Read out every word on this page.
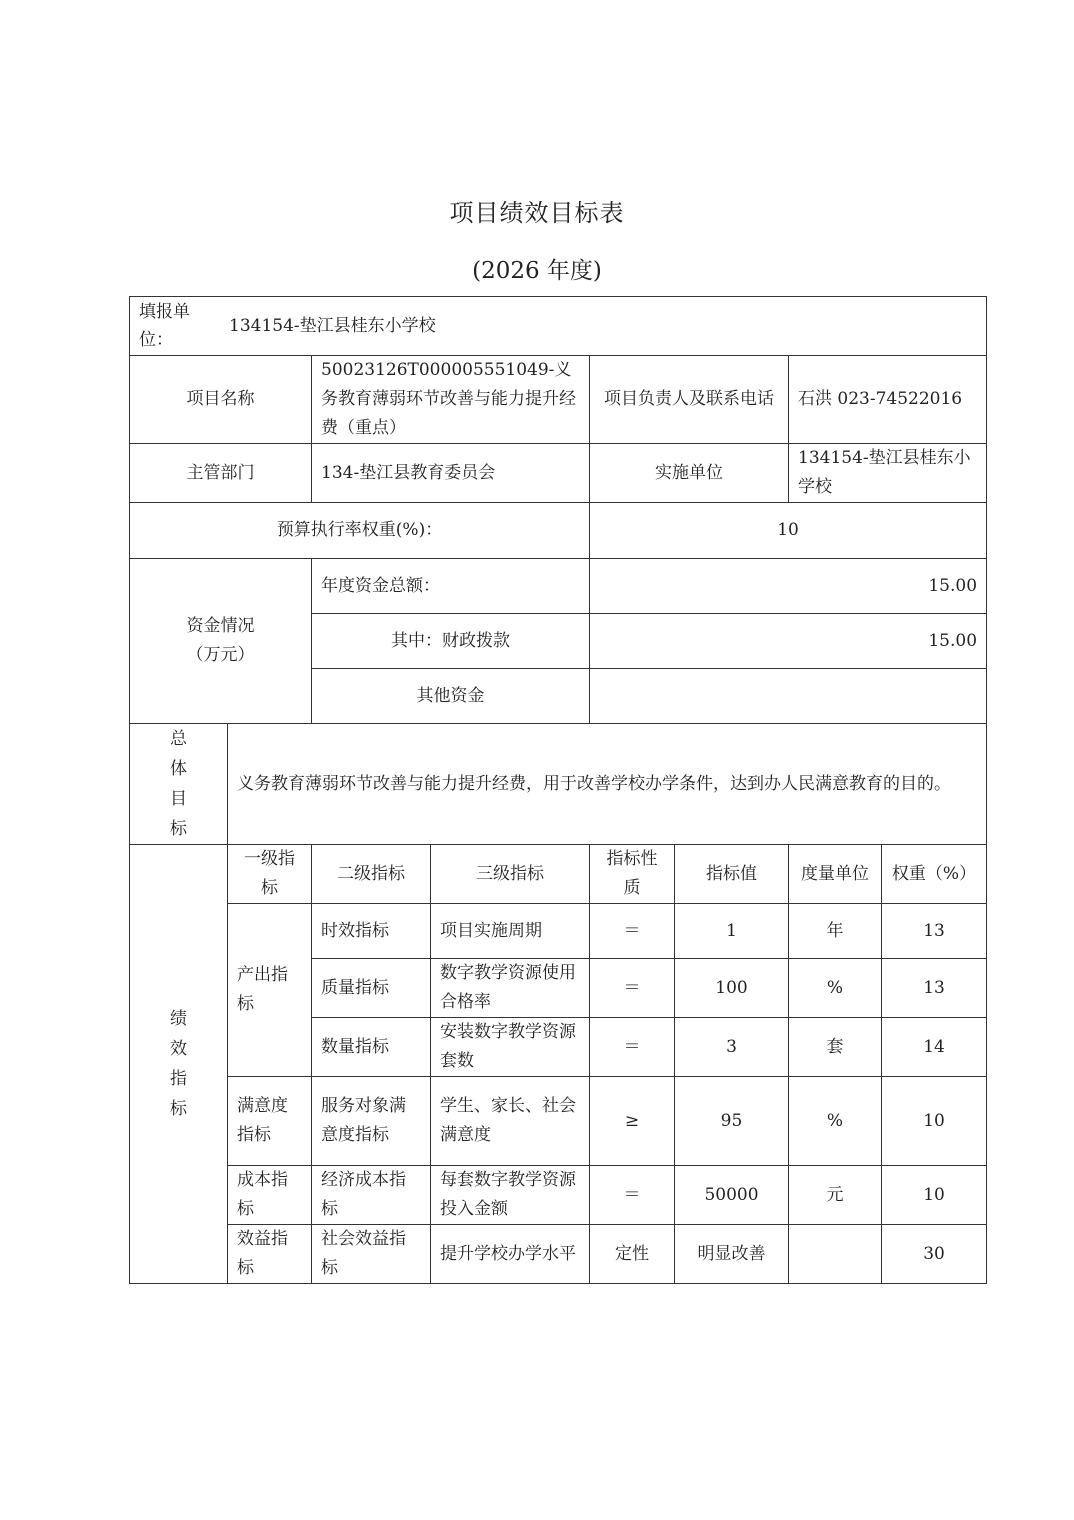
项目绩效目标表
(2026 年度)
填报单位：
134154-垫江县桂东小学校							

项目名称		50023126T000005551049-义务教育薄弱环节改善与能力提升经费（重点）		项目负责人及联系电话		石洪 023-74522016	
主管部门		134-垫江县教育委员会		实施单位		134154-垫江县桂东小学校	
预算执行率权重(%)：				10			

资金情况
（万元）		年度资金总额：		15.00			
		其中：财政拨款		15.00			
		其他资金					

总
体
目
标	义务教育薄弱环节改善与能力提升经费，用于改善学校办学条件，达到办人民满意教育的目的。						

绩
效
指
标	一级指标	二级指标	三级指标	指标性质	指标值	度量单位	权重（%）
	产出指标	时效指标	项目实施周期	＝	1	年	13
		质量指标	数字教学资源使用合格率	＝	100	%	13
		数量指标	安装数字教学资源套数	＝	3	套	14
	满意度指标	服务对象满意度指标	学生、家长、社会满意度	≥	95	%	10
	成本指标	经济成本指标	每套数字教学资源投入金额	＝	50000	元	10
	效益指标	社会效益指标	提升学校办学水平	定性	明显改善		30
